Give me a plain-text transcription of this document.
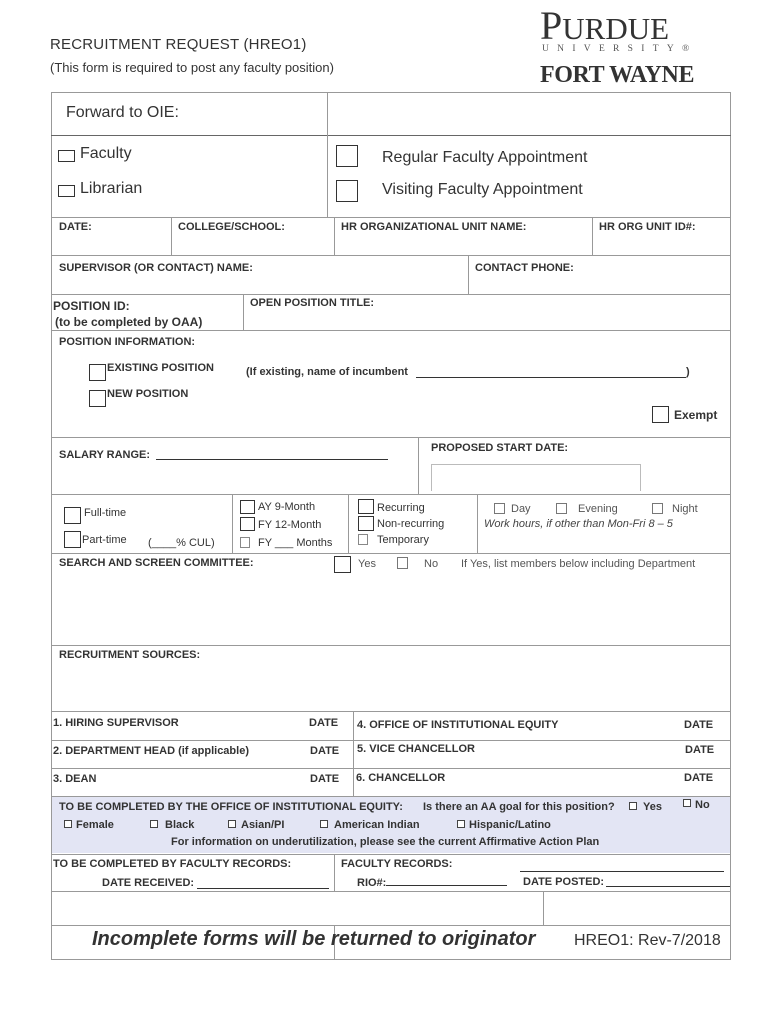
RECRUITMENT REQUEST (HREO1)
(This form is required to post any faculty position)
PURDUE
UNIVERSITY®
FORT WAYNE
Forward to OIE:
Faculty
Librarian
Regular Faculty Appointment
Visiting Faculty Appointment
DATE:	COLLEGE/SCHOOL:	HR ORGANIZATIONAL UNIT NAME:	HR ORG UNIT ID#:
SUPERVISOR (OR CONTACT) NAME:	CONTACT PHONE:
POSITION ID:
(to be completed by OAA)
OPEN POSITION TITLE:
POSITION INFORMATION:
EXISTING POSITION	(If existing, name of incumbent	)
NEW POSITION
Exempt
SALARY RANGE:
PROPOSED START DATE:
Full-time
Part-time (____% CUL)
AY 9-Month
FY 12-Month
FY ___ Months
Recurring
Non-recurring
Temporary
Day	Evening	Night
Work hours, if other than Mon-Fri 8 – 5
SEARCH AND SCREEN COMMITTEE:	Yes	No If Yes, list members below including Department
RECRUITMENT SOURCES:
1. HIRING SUPERVISOR	DATE 4. OFFICE OF INSTITUTIONAL EQUITY	DATE
2. DEPARTMENT HEAD (if applicable)	DATE 5. VICE CHANCELLOR	DATE
3. DEAN	DATE 6. CHANCELLOR	DATE
TO BE COMPLETED BY THE OFFICE OF INSTITUTIONAL EQUITY: Is there an AA goal for this position?	Yes	No
Female	Black	Asian/PI	American Indian	Hispanic/Latino
For information on underutilization, please see the current Affirmative Action Plan
TO BE COMPLETED BY FACULTY RECORDS:
DATE RECEIVED:
FACULTY RECORDS:
RIO#:	DATE POSTED:
Incomplete forms will be returned to originator HREO1: Rev-7/2018
